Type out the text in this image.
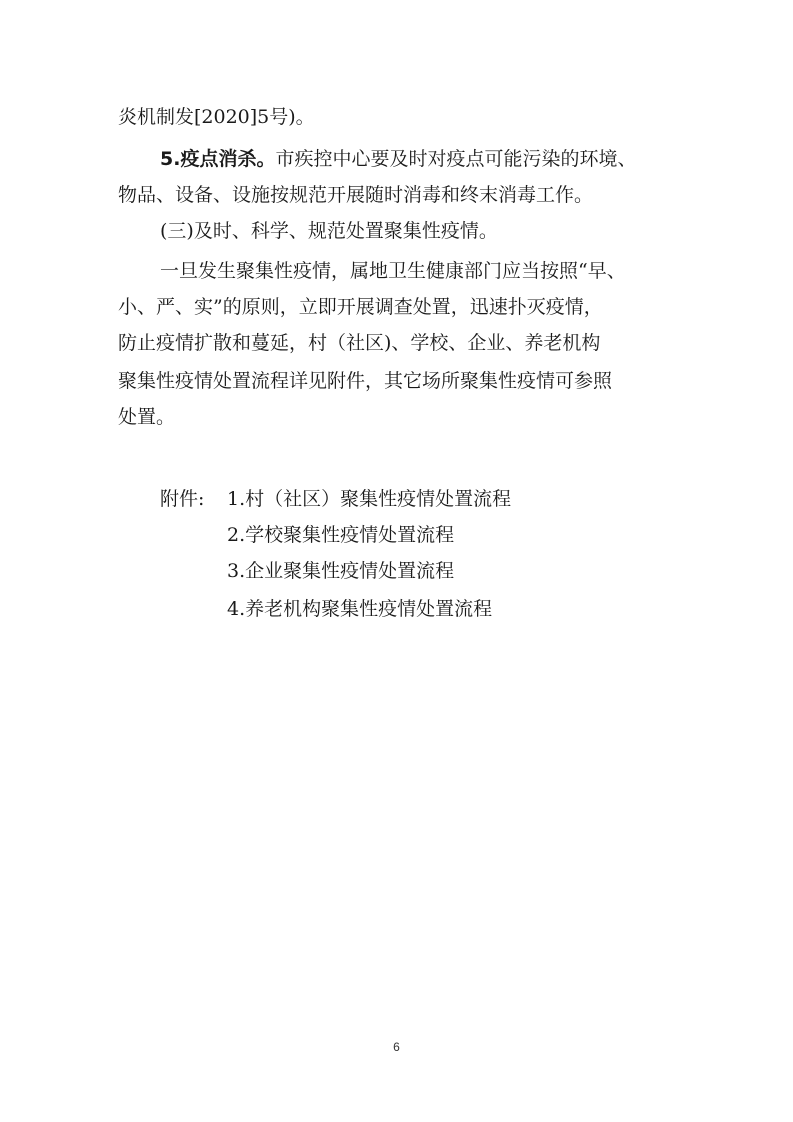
炎机制发[2020]5号)。
5.疫点消杀。市疾控中心要及时对疫点可能污染的环境、
物品、设备、设施按规范开展随时消毒和终末消毒工作。
(三)及时、科学、规范处置聚集性疫情。
一旦发生聚集性疫情，属地卫生健康部门应当按照“早、
小、严、实”的原则，立即开展调查处置，迅速扑灭疫情，
防止疫情扩散和蔓延，村（社区)、学校、企业、养老机构
聚集性疫情处置流程详见附件，其它场所聚集性疫情可参照
处置。
附件: 1.村（社区）聚集性疫情处置流程
2.学校聚集性疫情处置流程
3.企业聚集性疫情处置流程
4.养老机构聚集性疫情处置流程
6
